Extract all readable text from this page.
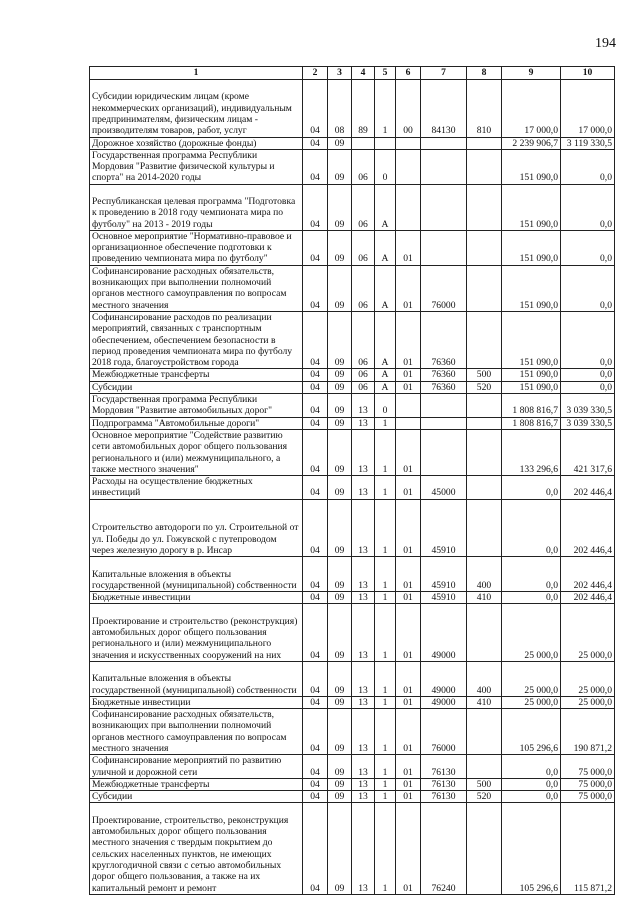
194
1	2	3	4	5	6	7	8	9	10
Субсидии юридическим лицам (кроме некоммерческих организаций), индивидуальным предпринимателям, физическим лицам - производителям товаров, работ, услуг	04	08	89	1	00	84130	810	17 000,0	17 000,0
Дорожное хозяйство (дорожные фонды)	04	09						2 239 906,7	3 119 330,5
Государственная программа Республики Мордовия "Развитие физической культуры и спорта" на 2014-2020 годы	04	09	06	0				151 090,0	0,0
Республиканская целевая программа "Подготовка к проведению в 2018 году чемпионата мира по футболу" на 2013 - 2019 годы	04	09	06	А				151 090,0	0,0
Основное мероприятие "Нормативно-правовое и организационное обеспечение подготовки к проведению чемпионата мира по футболу"	04	09	06	А	01			151 090,0	0,0
Софинансирование расходных обязательств, возникающих при выполнении полномочий органов местного самоуправления по вопросам местного значения	04	09	06	А	01	76000		151 090,0	0,0
Софинансирование расходов по реализации мероприятий, связанных с транспортным обеспечением, обеспечением безопасности в период проведения чемпионата мира по футболу 2018 года, благоустройством города	04	09	06	А	01	76360		151 090,0	0,0
Межбюджетные трансферты	04	09	06	А	01	76360	500	151 090,0	0,0
Субсидии	04	09	06	А	01	76360	520	151 090,0	0,0
Государственная программа Республики Мордовия "Развитие автомобильных дорог"	04	09	13	0				1 808 816,7	3 039 330,5
Подпрограмма "Автомобильные дороги"	04	09	13	1				1 808 816,7	3 039 330,5
Основное мероприятие "Содействие развитию сети автомобильных дорог общего пользования регионального и (или) межмуниципального, а также местного значения"	04	09	13	1	01			133 296,6	421 317,6
Расходы на осуществление бюджетных инвестиций	04	09	13	1	01	45000		0,0	202 446,4
Строительство автодороги по ул. Строительной от ул. Победы до ул. Гожувской с путепроводом через железную дорогу в р. Инсар	04	09	13	1	01	45910		0,0	202 446,4
Капитальные вложения в объекты государственной (муниципальной) собственности	04	09	13	1	01	45910	400	0,0	202 446,4
Бюджетные инвестиции	04	09	13	1	01	45910	410	0,0	202 446,4
Проектирование и строительство (реконструкция) автомобильных дорог общего пользования регионального и (или) межмуниципального значения и искусственных сооружений на них	04	09	13	1	01	49000		25 000,0	25 000,0
Капитальные вложения в объекты государственной (муниципальной) собственности	04	09	13	1	01	49000	400	25 000,0	25 000,0
Бюджетные инвестиции	04	09	13	1	01	49000	410	25 000,0	25 000,0
Софинансирование расходных обязательств, возникающих при выполнении полномочий органов местного самоуправления по вопросам местного значения	04	09	13	1	01	76000		105 296,6	190 871,2
Софинансирование мероприятий по развитию уличной и дорожной сети	04	09	13	1	01	76130		0,0	75 000,0
Межбюджетные трансферты	04	09	13	1	01	76130	500	0,0	75 000,0
Субсидии	04	09	13	1	01	76130	520	0,0	75 000,0
Проектирование, строительство, реконструкция автомобильных дорог общего пользования местного значения с твердым покрытием до сельских населенных пунктов, не имеющих круглогодичной связи с сетью автомобильных дорог общего пользования, а также на их капитальный ремонт и ремонт	04	09	13	1	01	76240		105 296,6	115 871,2
